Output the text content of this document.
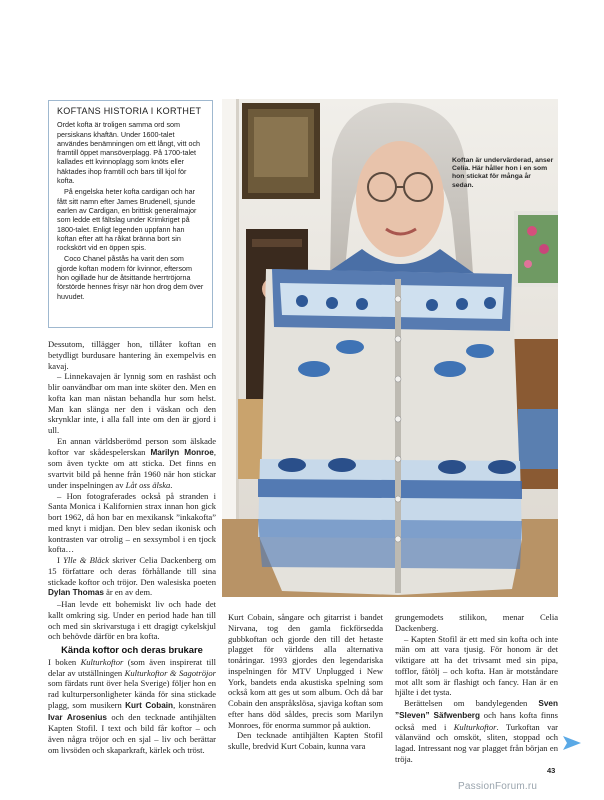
KOFTANS HISTORIA I KORTHET

Ordet kofta är troligen samma ord som persiskans khaftān. Under 1600-talet användes benämningen om ett långt, vitt och framtill öppet mansöverplagg. På 1700-talet kallades ett kvinnoplagg som knöts eller häktades ihop framtill och bars till kjol för kofta.

På engelska heter kofta cardigan och har fått sitt namn efter James Brudenell, sjunde earlen av Cardigan, en brittisk generalmajor som ledde ett fältslag under Krimkriget på 1800-talet. Enligt legenden uppfann han koftan efter att ha råkat bränna bort sin rockskört vid en öppen spis.

Coco Chanel påstås ha varit den som gjorde koftan modern för kvinnor, eftersom hon ogillade hur de åtsittande herrtröjorna förstörde hennes frisyr när hon drog dem över huvudet.

Koftan är undervärderad, anser Celia. Här håller hon i en som hon stickat för många år sedan.

Dessutom, tillägger hon, tillåter koftan en betydligt burdusare hantering än exempelvis en kavaj.

– Linnekavajen är lynnig som en rashäst och blir oanvändbar om man inte sköter den. Men en kofta kan man nästan behandla hur som helst. Man kan slänga ner den i väskan och den skrynklar inte, i alla fall inte om den är gjord i ull.

En annan världsberömd person som älskade koftor var skådespelerskan Marilyn Monroe, som även tyckte om att sticka. Det finns en svartvit bild på henne från 1960 när hon stickar under inspelningen av Låt oss älska.

– Hon fotograferades också på stranden i Santa Monica i Kalifornien strax innan hon gick bort 1962, då hon bar en mexikansk ”inkakofta” med knyt i midjan. Den blev sedan ikonisk och kontrasten var otrolig – en sexsymbol i en tjock kofta…

I Ylle & Bläck skriver Celia Dackenberg om 15 författare och deras förhållande till sina stickade koftor och tröjor. Den walesiska poeten Dylan Thomas är en av dem.

–Han levde ett bohemiskt liv och hade det kallt omkring sig. Under en period hade han till och med sin skrivarstuga i ett dragigt cykelskjul och behövde därför en bra kofta.

Kända koftor och deras brukare

I boken Kulturkoftor (som även inspirerat till delar av utställningen Kulturkoftor & Sagotröjor som färdats runt över hela Sverige) följer hon en rad kulturpersonligheter kända för sina stickade plagg, som musikern Kurt Cobain, konstnären Ivar Arosenius och den tecknade antihjälten Kapten Stofil. I text och bild får koftor – och även några tröjor och en sjal – liv och berättar om livsöden och skaparkraft, kärlek och tröst.

Kurt Cobain, sångare och gitarrist i bandet Nirvana, tog den gamla fickförsedda gubbkoftan och gjorde den till det hetaste plagget för världens alla alternativa tonåringar. 1993 gjordes den legendariska inspelningen för MTV Unplugged i New York, bandets enda akustiska spelning som också kom att ges ut som album. Och då bar Cobain den anspråkslösa, sjaviga koftan som efter hans död såldes, precis som Marilyn Monroes, för enorma summor på auktion.

Den tecknade antihjälten Kapten Stofil skulle, bredvid Kurt Cobain, kunna vara

grungemodets stilikon, menar Celia Dackenberg.

– Kapten Stofil är ett med sin kofta och inte män om att vara tjusig. För honom är det viktigare att ha det trivsamt med sin pipa, tofflor, fåtölj – och kofta. Han är motståndare mot allt som är flashigt och fancy. Han är en hjälte i det tysta.

Berättelsen om bandylegenden Sven ”Sleven” Säfwenberg och hans kofta finns också med i Kulturkoftor. Turkoftan var välanvänd och omsköt, sliten, stoppad och lagad. Intressant nog var plagget från början en tröja.

43
PassionForum.ru
